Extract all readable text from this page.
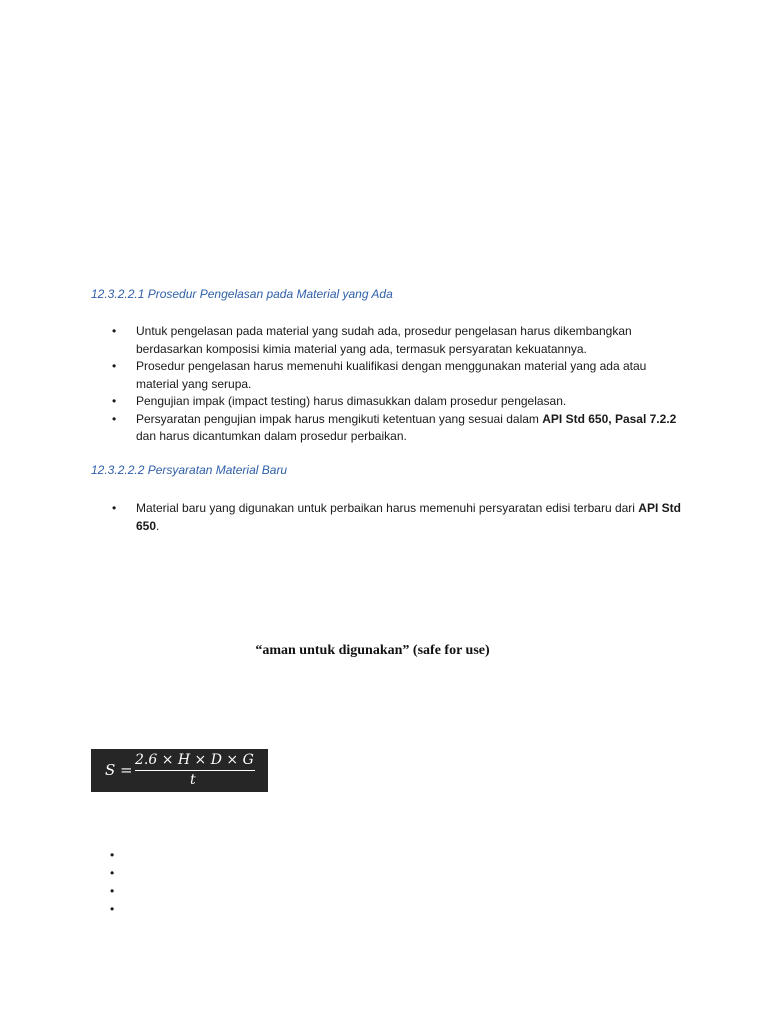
12.3.2.2.1 Prosedur Pengelasan pada Material yang Ada
• Untuk pengelasan pada material yang sudah ada, prosedur pengelasan harus dikembangkan berdasarkan komposisi kimia material yang ada, termasuk persyaratan kekuatannya.
• Prosedur pengelasan harus memenuhi kualifikasi dengan menggunakan material yang ada atau material yang serupa.
• Pengujian impak (impact testing) harus dimasukkan dalam prosedur pengelasan.
• Persyaratan pengujian impak harus mengikuti ketentuan yang sesuai dalam API Std 650, Pasal 7.2.2 dan harus dicantumkan dalam prosedur perbaikan.
12.3.2.2.2 Persyaratan Material Baru
• Material baru yang digunakan untuk perbaikan harus memenuhi persyaratan edisi terbaru dari API Std 650.
“aman untuk digunakan” (safe for use)
S =
2.6 × H × D × G
t
•
•
•
•
